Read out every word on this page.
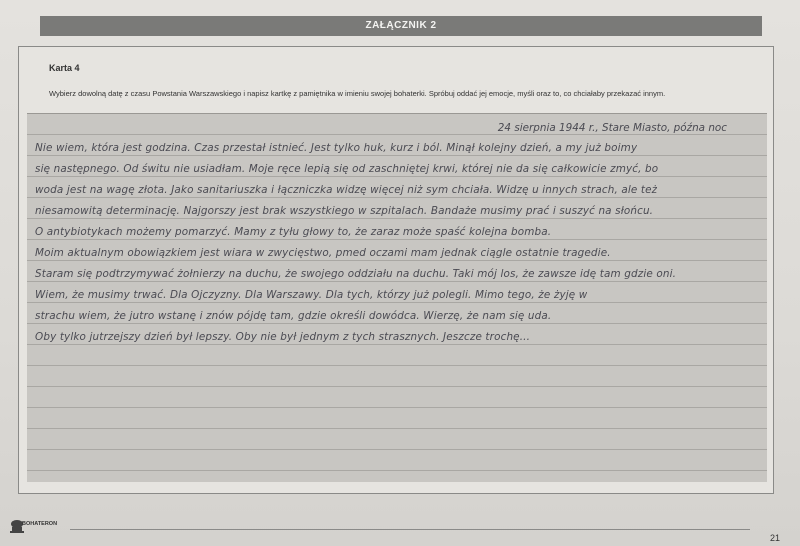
ZAŁĄCZNIK 2
Karta 4
Wybierz dowolną datę z czasu Powstania Warszawskiego i napisz kartkę z pamiętnika w imieniu swojej bohaterki. Spróbuj oddać jej emocje, myśli oraz to, co chciałaby przekazać innym.
24 sierpnia 1944 r., Stare Miasto, późna noc
Nie wiem, która jest godzina. Czas przestał istnieć. Jest tylko huk, kurz i ból. Minął kolejny dzień, a my już boimy
się następnego. Od świtu nie usiadłam. Moje ręce lepią się od zaschniętej krwi, której nie da się całkowicie zmyć, bo
woda jest na wagę złota. Jako sanitariuszka i łączniczka widzę więcej niż sym chciała. Widzę u innych strach, ale też
niesamowitą determinację. Najgorszy jest brak wszystkiego w szpitalach. Bandaże musimy prać i suszyć na słońcu.
O antybiotykach możemy pomarzyć. Mamy z tyłu głowy to, że zaraz może spaść kolejna bomba.
Moim aktualnym obowiązkiem jest wiara w zwycięstwo, pmed oczami mam jednak ciągle ostatnie tragedie.
Staram się podtrzymywać żołnierzy na duchu, że swojego oddziału na duchu. Taki mój los, że zawsze idę tam gdzie oni.
Wiem, że musimy trwać. Dla Ojczyzny. Dla Warszawy. Dla tych, którzy już polegli. Mimo tego, że żyję w
strachu wiem, że jutro wstanę i znów pójdę tam, gdzie określi dowódca. Wierzę, że nam się uda.
Oby tylko jutrzejszy dzień był lepszy. Oby nie był jednym z tych strasznych. Jeszcze trochę...
BOHATERON
21
